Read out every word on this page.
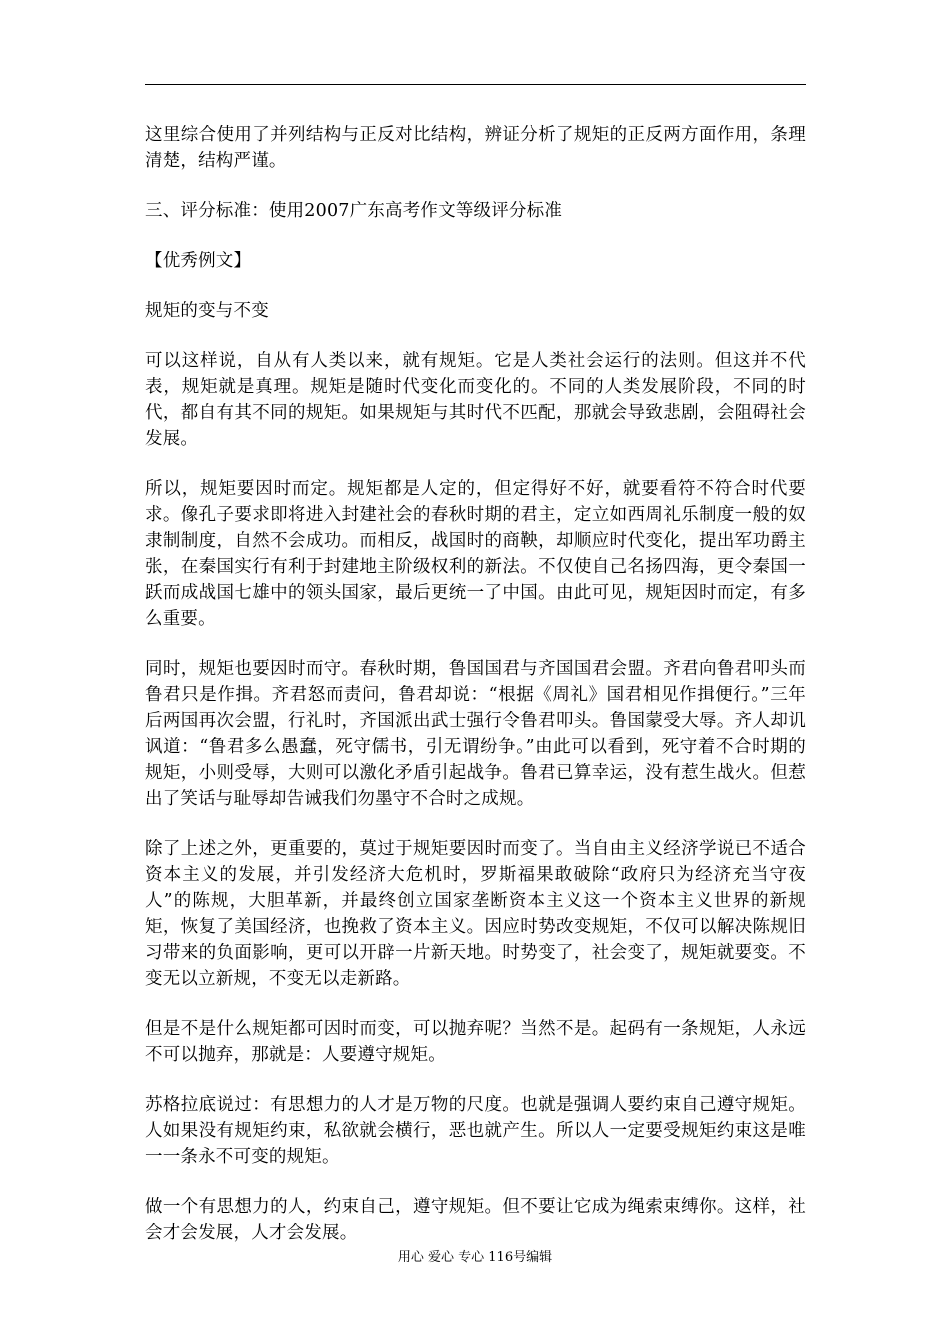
这里综合使用了并列结构与正反对比结构，辨证分析了规矩的正反两方面作用，条理清楚，结构严谨。

三、评分标准：使用2007广东高考作文等级评分标准

【优秀例文】

规矩的变与不变

可以这样说，自从有人类以来，就有规矩。它是人类社会运行的法则。但这并不代表，规矩就是真理。规矩是随时代变化而变化的。不同的人类发展阶段，不同的时代，都自有其不同的规矩。如果规矩与其时代不匹配，那就会导致悲剧，会阻碍社会发展。

所以，规矩要因时而定。规矩都是人定的，但定得好不好，就要看符不符合时代要求。像孔子要求即将进入封建社会的春秋时期的君主，定立如西周礼乐制度一般的奴隶制制度，自然不会成功。而相反，战国时的商鞅，却顺应时代变化，提出军功爵主张，在秦国实行有利于封建地主阶级权利的新法。不仅使自己名扬四海，更令秦国一跃而成战国七雄中的领头国家，最后更统一了中国。由此可见，规矩因时而定，有多么重要。

同时，规矩也要因时而守。春秋时期，鲁国国君与齐国国君会盟。齐君向鲁君叩头而鲁君只是作揖。齐君怒而责问，鲁君却说：“根据《周礼》国君相见作揖便行。”三年后两国再次会盟，行礼时，齐国派出武士强行令鲁君叩头。鲁国蒙受大辱。齐人却讥讽道：“鲁君多么愚蠢，死守儒书，引无谓纷争。”由此可以看到，死守着不合时期的规矩，小则受辱，大则可以激化矛盾引起战争。鲁君已算幸运，没有惹生战火。但惹出了笑话与耻辱却告诫我们勿墨守不合时之成规。

除了上述之外，更重要的，莫过于规矩要因时而变了。当自由主义经济学说已不适合资本主义的发展，并引发经济大危机时，罗斯福果敢破除“政府只为经济充当守夜人”的陈规，大胆革新，并最终创立国家垄断资本主义这一个资本主义世界的新规矩，恢复了美国经济，也挽救了资本主义。因应时势改变规矩，不仅可以解决陈规旧习带来的负面影响，更可以开辟一片新天地。时势变了，社会变了，规矩就要变。不变无以立新规，不变无以走新路。

但是不是什么规矩都可因时而变，可以抛弃呢？当然不是。起码有一条规矩，人永远不可以抛弃，那就是：人要遵守规矩。

苏格拉底说过：有思想力的人才是万物的尺度。也就是强调人要约束自己遵守规矩。人如果没有规矩约束，私欲就会横行，恶也就产生。所以人一定要受规矩约束这是唯一一条永不可变的规矩。

做一个有思想力的人，约束自己，遵守规矩。但不要让它成为绳索束缚你。这样，社会才会发展，人才会发展。

用心 爱心 专心 116号编辑
